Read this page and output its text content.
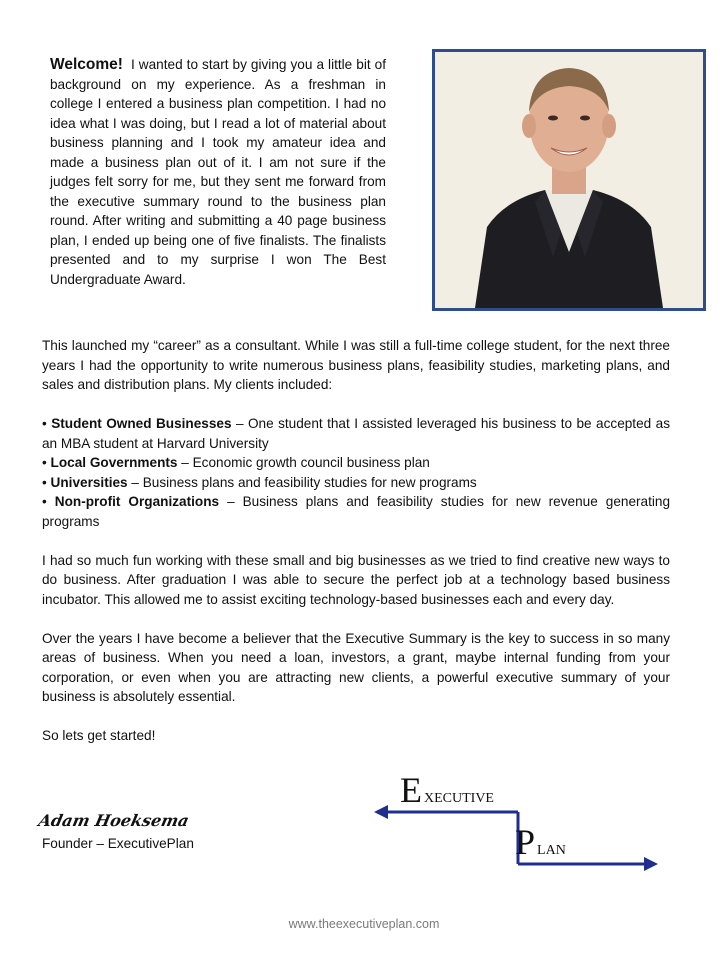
Welcome! I wanted to start by giving you a little bit of background on my experience. As a freshman in college I entered a business plan competition. I had no idea what I was doing, but I read a lot of material about business planning and I took my amateur idea and made a business plan out of it. I am not sure if the judges felt sorry for me, but they sent me forward from the executive summary round to the business plan round. After writing and submitting a 40 page business plan, I ended up being one of five finalists. The finalists presented and to my surprise I won The Best Undergraduate Award.

This launched my “career” as a consultant. While I was still a full-time college student, for the next three years I had the opportunity to write numerous business plans, feasibility studies, marketing plans, and sales and distribution plans. My clients included:

• Student Owned Businesses – One student that I assisted leveraged his business to be accepted as an MBA student at Harvard University
• Local Governments – Economic growth council business plan
• Universities – Business plans and feasibility studies for new programs
• Non-profit Organizations – Business plans and feasibility studies for new revenue generating programs

I had so much fun working with these small and big businesses as we tried to find creative new ways to do business. After graduation I was able to secure the perfect job at a technology based business incubator. This allowed me to assist exciting technology-based businesses each and every day.

Over the years I have become a believer that the Executive Summary is the key to success in so many areas of business. When you need a loan, investors, a grant, maybe internal funding from your corporation, or even when you are attracting new clients, a powerful executive summary of your business is absolutely essential.

So lets get started!

Adam Hoeksema
Founder – ExecutivePlan
EXECUTIVE
PLAN
www.theexecutiveplan.com
